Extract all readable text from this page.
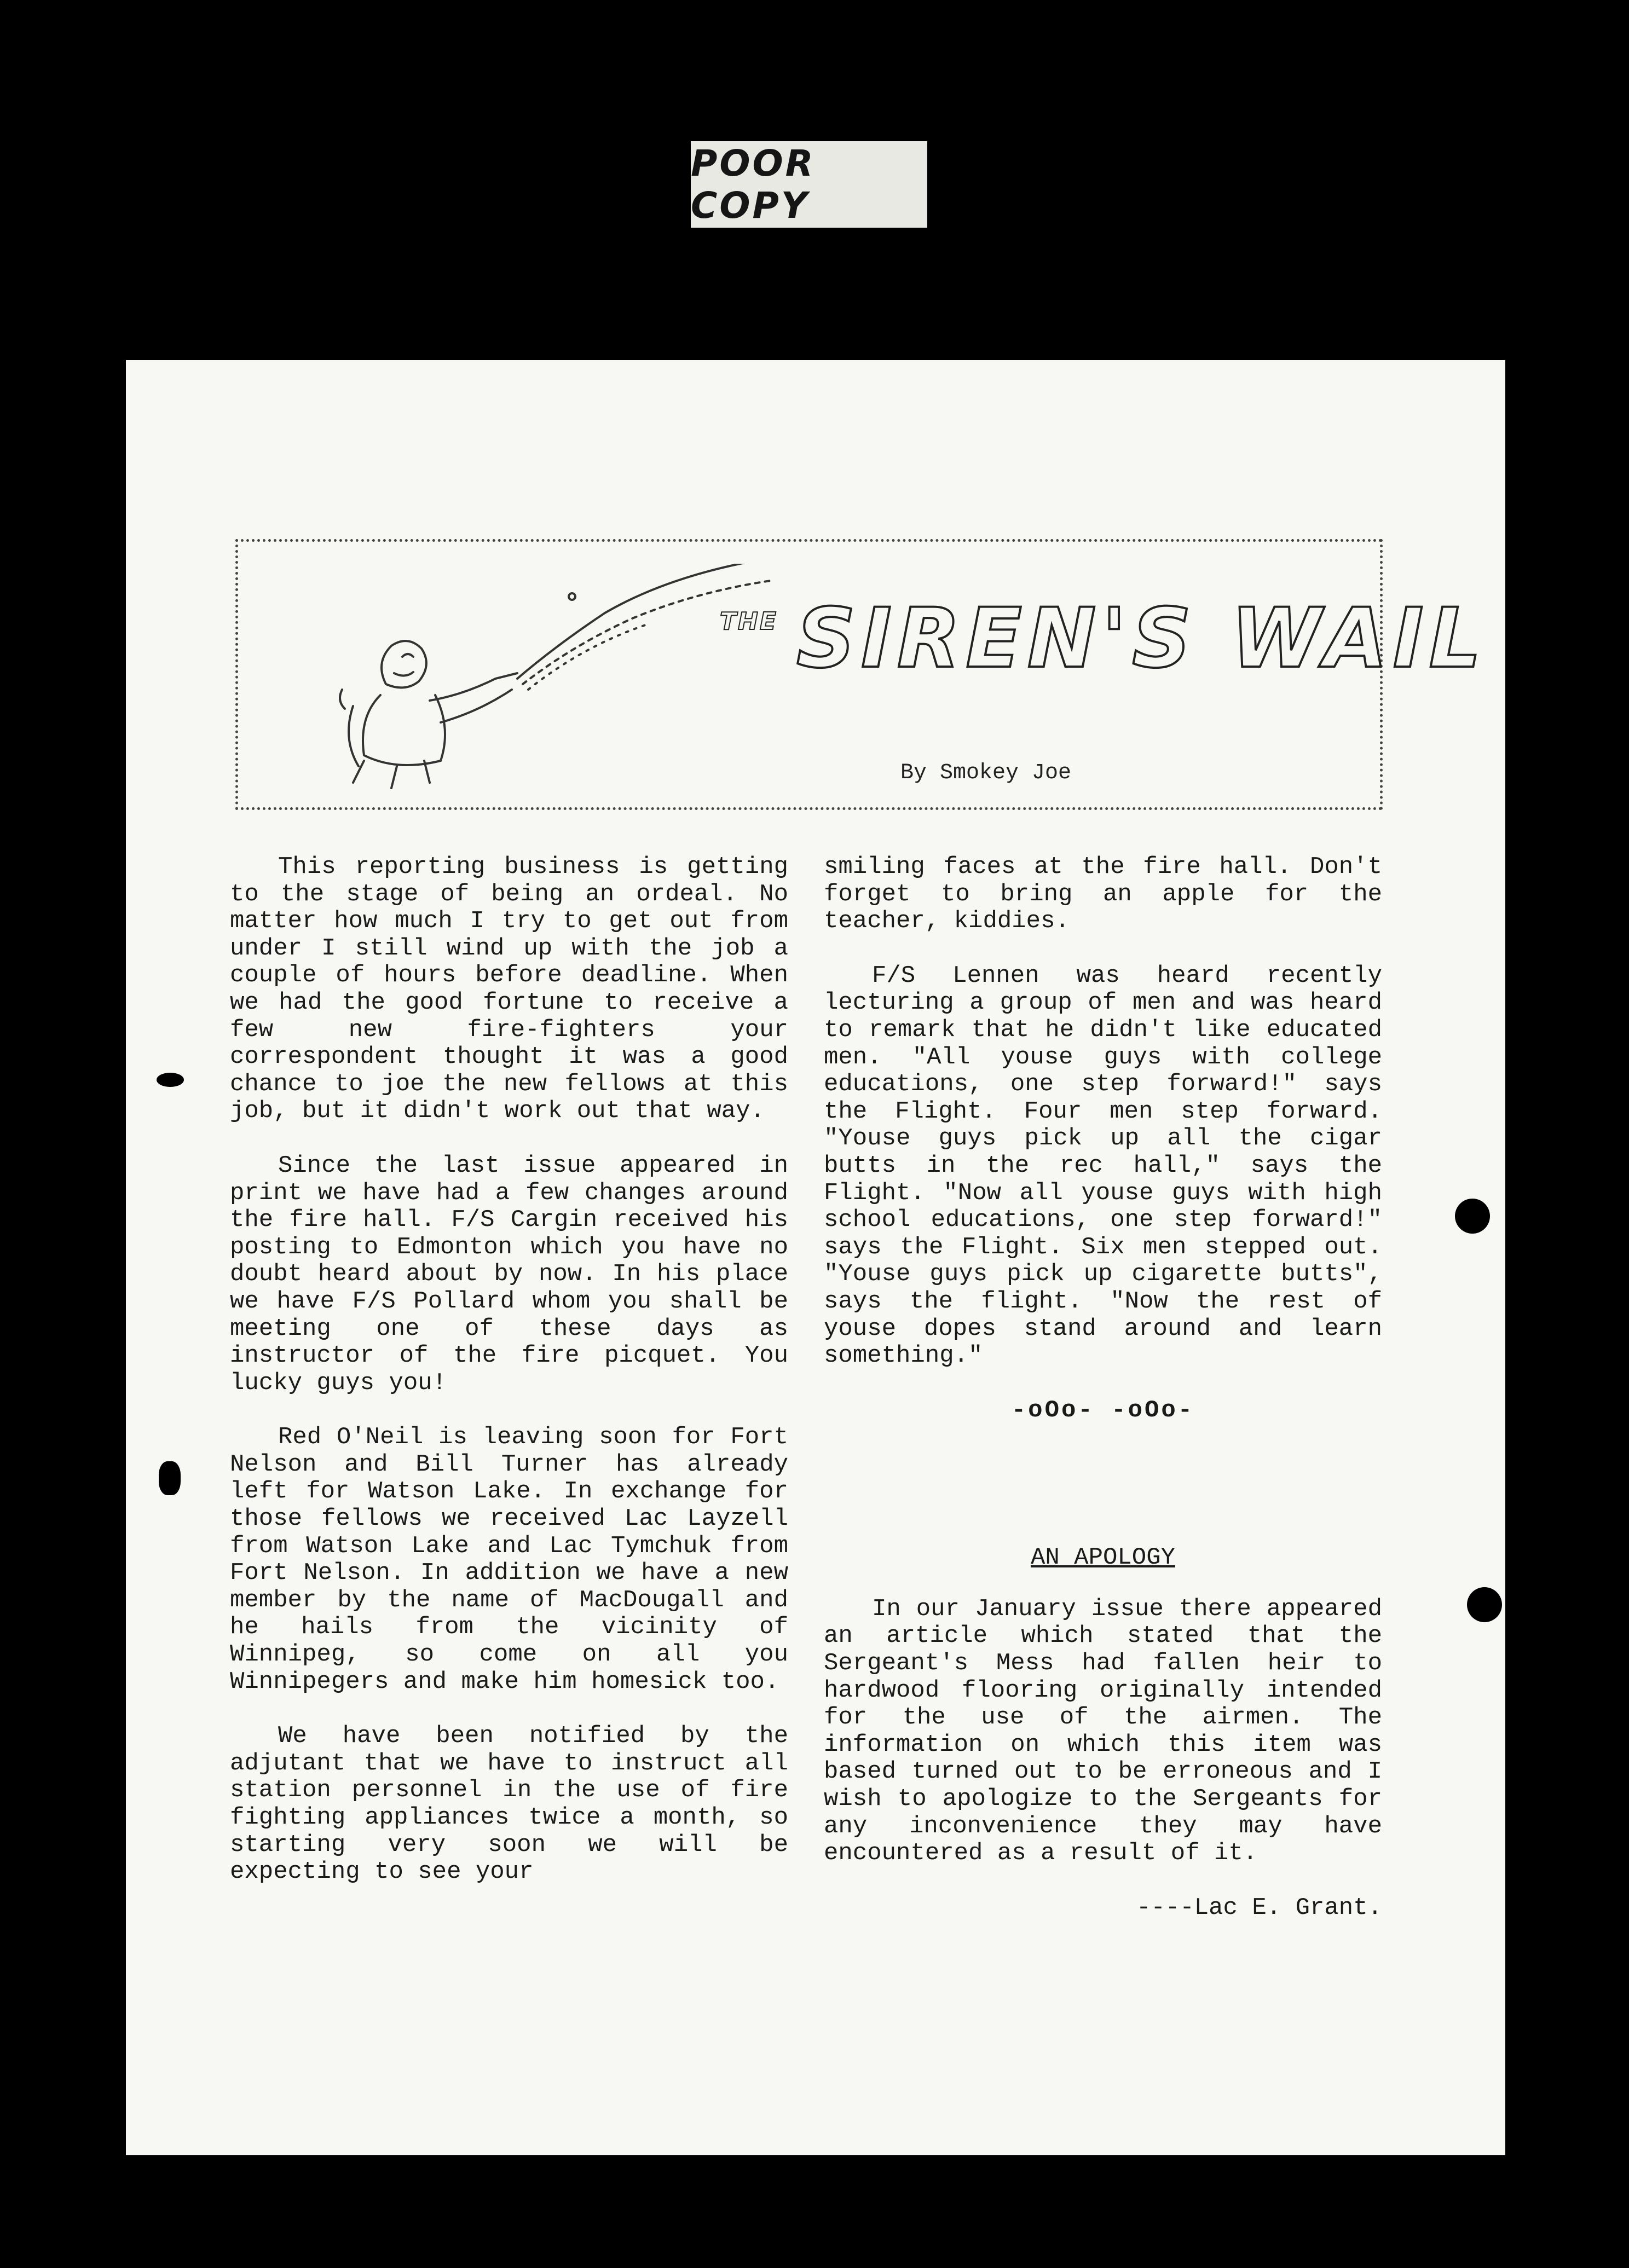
POOR COPY
THE SIREN'S WAIL
By Smokey Joe

This reporting business is getting to the stage of being an ordeal. No matter how much I try to get out from under I still wind up with the job a couple of hours before deadline. When we had the good fortune to receive a few new fire-fighters your correspondent thought it was a good chance to joe the new fellows at this job, but it didn't work out that way.

Since the last issue appeared in print we have had a few changes around the fire hall. F/S Cargin received his posting to Edmonton which you have no doubt heard about by now. In his place we have F/S Pollard whom you shall be meeting one of these days as instructor of the fire picquet. You lucky guys you!

Red O'Neil is leaving soon for Fort Nelson and Bill Turner has already left for Watson Lake. In exchange for those fellows we received Lac Layzell from Watson Lake and Lac Tymchuk from Fort Nelson. In addition we have a new member by the name of MacDougall and he hails from the vicinity of Winnipeg, so come on all you Winnipegers and make him homesick too.

We have been notified by the adjutant that we have to instruct all station personnel in the use of fire fighting appliances twice a month, so starting very soon we will be expecting to see your

smiling faces at the fire hall. Don't forget to bring an apple for the teacher, kiddies.

F/S Lennen was heard recently lecturing a group of men and was heard to remark that he didn't like educated men. "All youse guys with college educations, one step forward!" says the Flight. Four men step forward. "Youse guys pick up all the cigar butts in the rec hall," says the Flight. "Now all youse guys with high school educations, one step forward!" says the Flight. Six men stepped out. "Youse guys pick up cigarette butts", says the flight. "Now the rest of youse dopes stand around and learn something."

-oOo- -oOo-
AN APOLOGY

In our January issue there appeared an article which stated that the Sergeant's Mess had fallen heir to hardwood flooring originally intended for the use of the airmen. The information on which this item was based turned out to be erroneous and I wish to apologize to the Sergeants for any inconvenience they may have encountered as a result of it.

----Lac E. Grant.
